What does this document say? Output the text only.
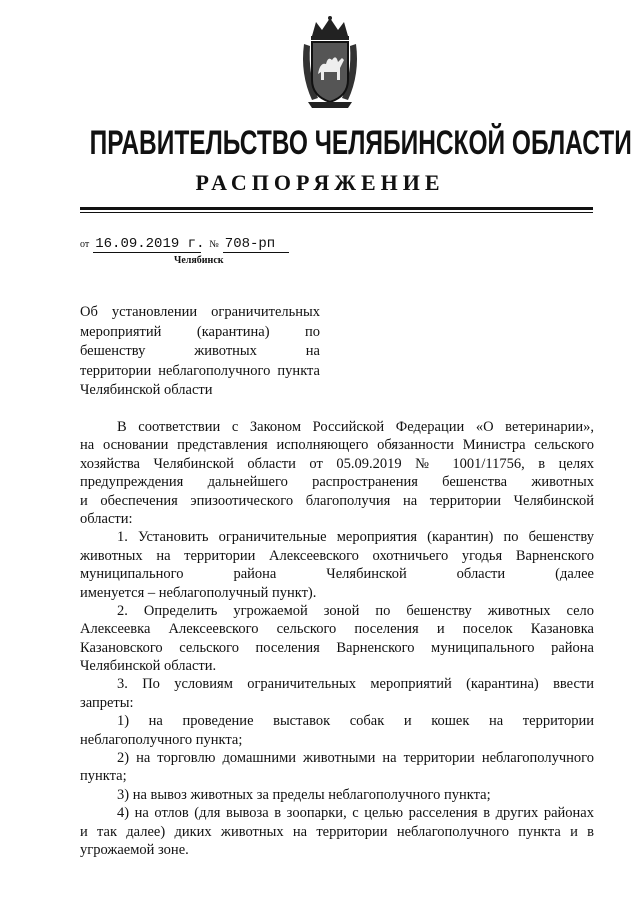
ПРАВИТЕЛЬСТВО ЧЕЛЯБИНСКОЙ ОБЛАСТИ
РАСПОРЯЖЕНИЕ
от 16.09.2019 г. № 708-рп
Челябинск
Об установлении ограничительных
мероприятий (карантина) по
бешенству животных на
территории неблагополучного пункта
Челябинской области
В соответствии с Законом Российской Федерации «О ветеринарии»,
на основании представления исполняющего обязанности Министра сельского
хозяйства Челябинской области от 05.09.2019 № 1001/11756, в целях
предупреждения дальнейшего распространения бешенства животных
и обеспечения эпизоотического благополучия на территории Челябинской
области:
1. Установить ограничительные мероприятия (карантин) по бешенству
животных на территории Алексеевского охотничьего угодья Варненского
муниципального района Челябинской области (далее
именуется – неблагополучный пункт).
2. Определить угрожаемой зоной по бешенству животных село
Алексеевка Алексеевского сельского поселения и поселок Казановка
Казановского сельского поселения Варненского муниципального района
Челябинской области.
3. По условиям ограничительных мероприятий (карантина) ввести
запреты:
1) на проведение выставок собак и кошек на территории
неблагополучного пункта;
2) на торговлю домашними животными на территории неблагополучного
пункта;
3) на вывоз животных за пределы неблагополучного пункта;
4) на отлов (для вывоза в зоопарки, с целью расселения в других районах
и так далее) диких животных на территории неблагополучного пункта и в
угрожаемой зоне.
